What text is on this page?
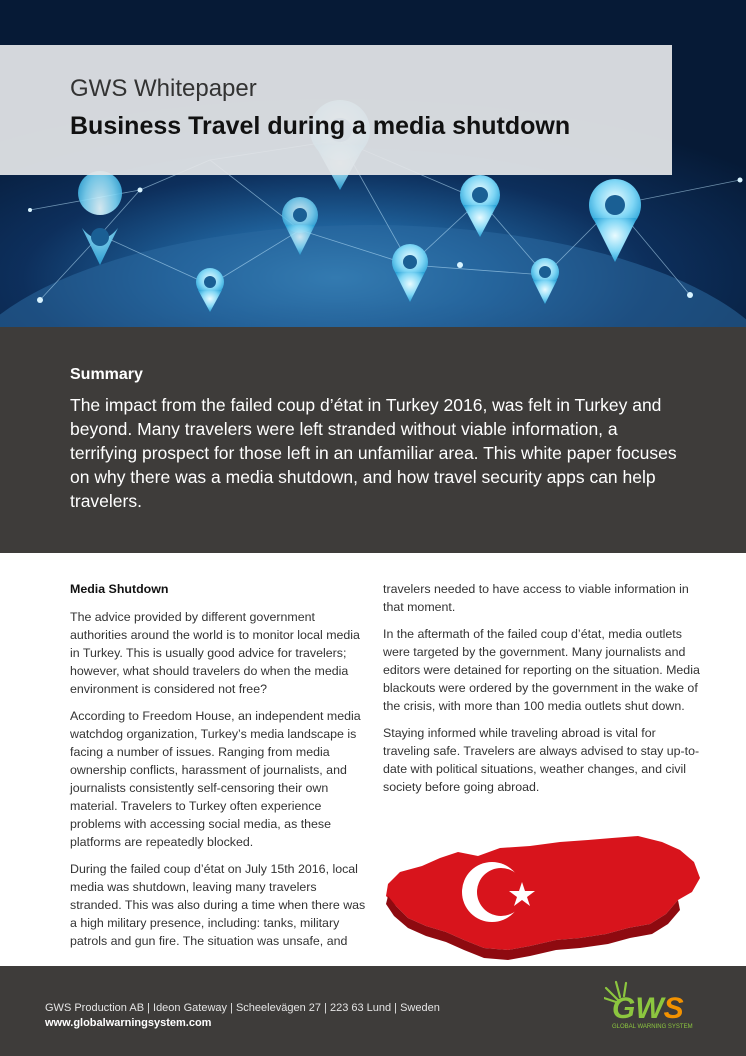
GWS Whitepaper
Business Travel during a media shutdown
Summary

The impact from the failed coup d’état in Turkey 2016, was felt in Turkey and beyond. Many travelers were left stranded without viable information, a terrifying prospect for those left in an unfamiliar area. This white paper focuses on why there was a media shutdown, and how travel security apps can help travelers.

Media Shutdown

The advice provided by different government authorities around the world is to monitor local media in Turkey. This is usually good advice for travelers; however, what should travelers do when the media environment is considered not free?

According to Freedom House, an independent media watchdog organization, Turkey’s media landscape is facing a number of issues. Ranging from media ownership conflicts, harassment of journalists, and journalists consistently self-censoring their own material. Travelers to Turkey often experience problems with accessing social media, as these platforms are repeatedly blocked.

During the failed coup d’état on July 15th 2016, local media was shutdown, leaving many travelers stranded. This was also during a time when there was a high military presence, including: tanks, military patrols and gun fire. The situation was unsafe, and

travelers needed to have access to viable information in that moment.

In the aftermath of the failed coup d’état, media outlets were targeted by the government. Many journalists and editors were detained for reporting on the situation. Media blackouts were ordered by the government in the wake of the crisis, with more than 100 media outlets shut down.

Staying informed while traveling abroad is vital for traveling safe. Travelers are always advised to stay up-to-date with political situations, weather changes, and civil society before going abroad.

GWS Production AB | Ideon Gateway | Scheelevägen 27 | 223 63 Lund | Sweden
www.globalwarningsystem.com	GWS
GLOBAL WARNING SYSTEM
